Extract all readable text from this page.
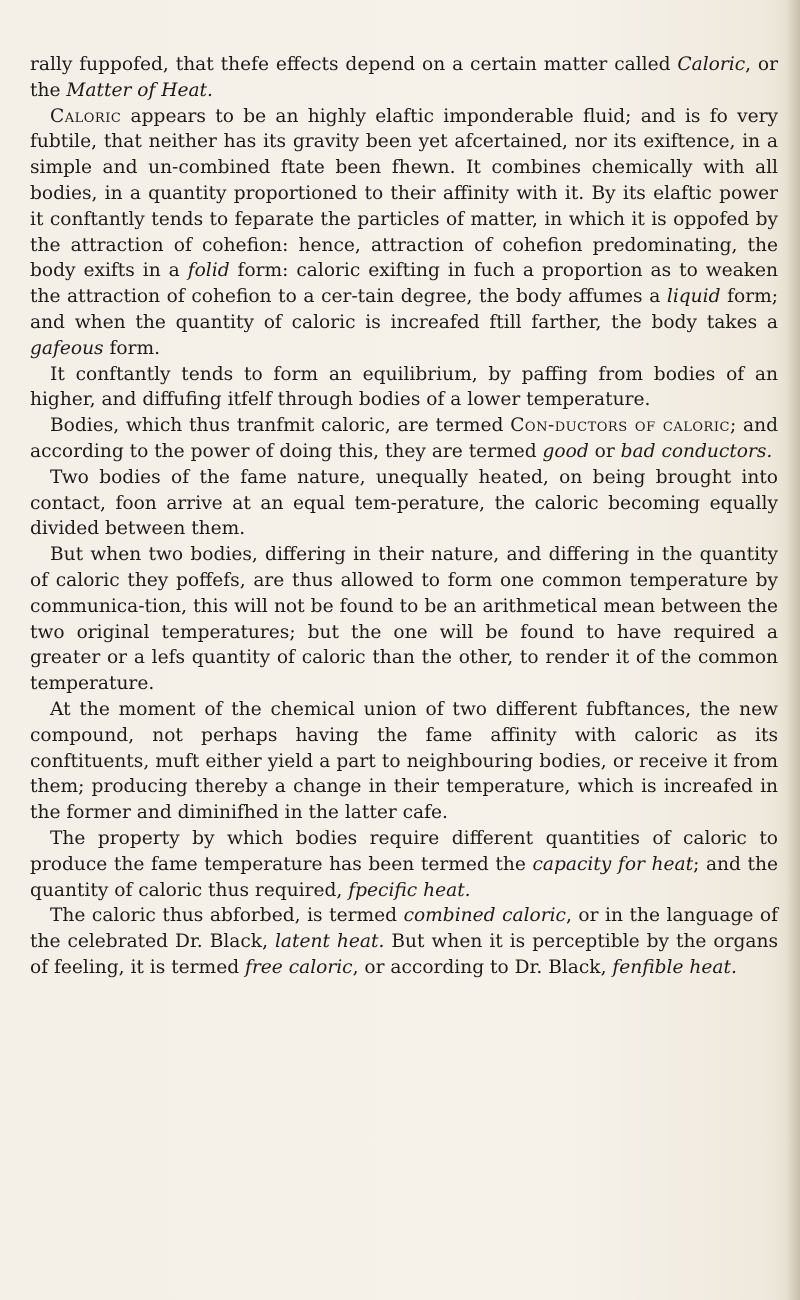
rally fuppofed, that thefe effects depend on a certain matter called Caloric, or the Matter of Heat.

Caloric appears to be an highly elaftic imponderable fluid; and is fo very fubtile, that neither has its gravity been yet afcertained, nor its exiftence, in a simple and un-combined ftate been fhewn. It combines chemically with all bodies, in a quantity proportioned to their affinity with it. By its elaftic power it conftantly tends to feparate the particles of matter, in which it is oppofed by the attraction of cohefion: hence, attraction of cohefion predominating, the body exifts in a folid form: caloric exifting in fuch a proportion as to weaken the attraction of cohefion to a cer-tain degree, the body affumes a liquid form; and when the quantity of caloric is increafed ftill farther, the body takes a gafeous form.

It conftantly tends to form an equilibrium, by paffing from bodies of an higher, and diffufing itfelf through bodies of a lower temperature.

Bodies, which thus tranfmit caloric, are termed Con-ductors of caloric; and according to the power of doing this, they are termed good or bad conductors.

Two bodies of the fame nature, unequally heated, on being brought into contact, foon arrive at an equal tem-perature, the caloric becoming equally divided between them.

But when two bodies, differing in their nature, and differing in the quantity of caloric they poffefs, are thus allowed to form one common temperature by communica-tion, this will not be found to be an arithmetical mean between the two original temperatures; but the one will be found to have required a greater or a lefs quantity of caloric than the other, to render it of the common temperature.

At the moment of the chemical union of two different fubftances, the new compound, not perhaps having the fame affinity with caloric as its conftituents, muft either yield a part to neighbouring bodies, or receive it from them; producing thereby a change in their temperature, which is increafed in the former and diminifhed in the latter cafe.

The property by which bodies require different quantities of caloric to produce the fame temperature has been termed the capacity for heat; and the quantity of caloric thus required, fpecific heat.

The caloric thus abforbed, is termed combined caloric, or in the language of the celebrated Dr. Black, latent heat. But when it is perceptible by the organs of feeling, it is termed free caloric, or according to Dr. Black, fenfible heat.
